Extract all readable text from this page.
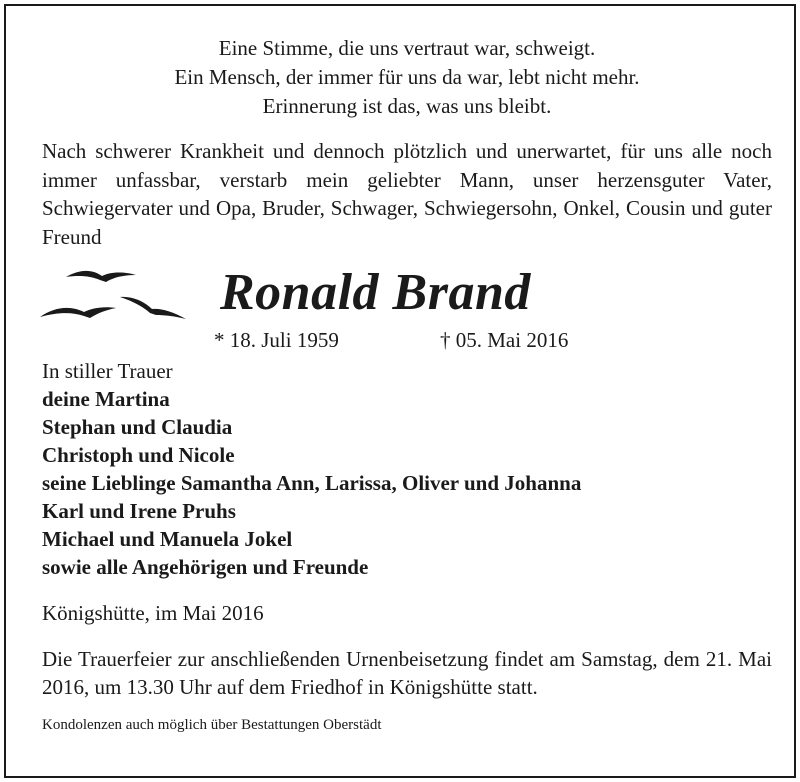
Eine Stimme, die uns vertraut war, schweigt.
Ein Mensch, der immer für uns da war, lebt nicht mehr.
Erinnerung ist das, was uns bleibt.

Nach schwerer Krankheit und dennoch plötzlich und unerwartet, für uns alle noch immer unfassbar, verstarb mein geliebter Mann, unser herzensguter Vater, Schwiegervater und Opa, Bruder, Schwager, Schwiegersohn, Onkel, Cousin und guter Freund

Ronald Brand
* 18. Juli 1959	† 05. Mai 2016

In stiller Trauer

deine Martina
Stephan und Claudia
Christoph und Nicole
seine Lieblinge Samantha Ann, Larissa, Oliver und Johanna
Karl und Irene Pruhs
Michael und Manuela Jokel
sowie alle Angehörigen und Freunde

Königshütte, im Mai 2016

Die Trauerfeier zur anschließenden Urnenbeisetzung findet am Samstag, dem 21. Mai 2016, um 13.30 Uhr auf dem Friedhof in Königshütte statt.

Kondolenzen auch möglich über Bestattungen Oberstädt
